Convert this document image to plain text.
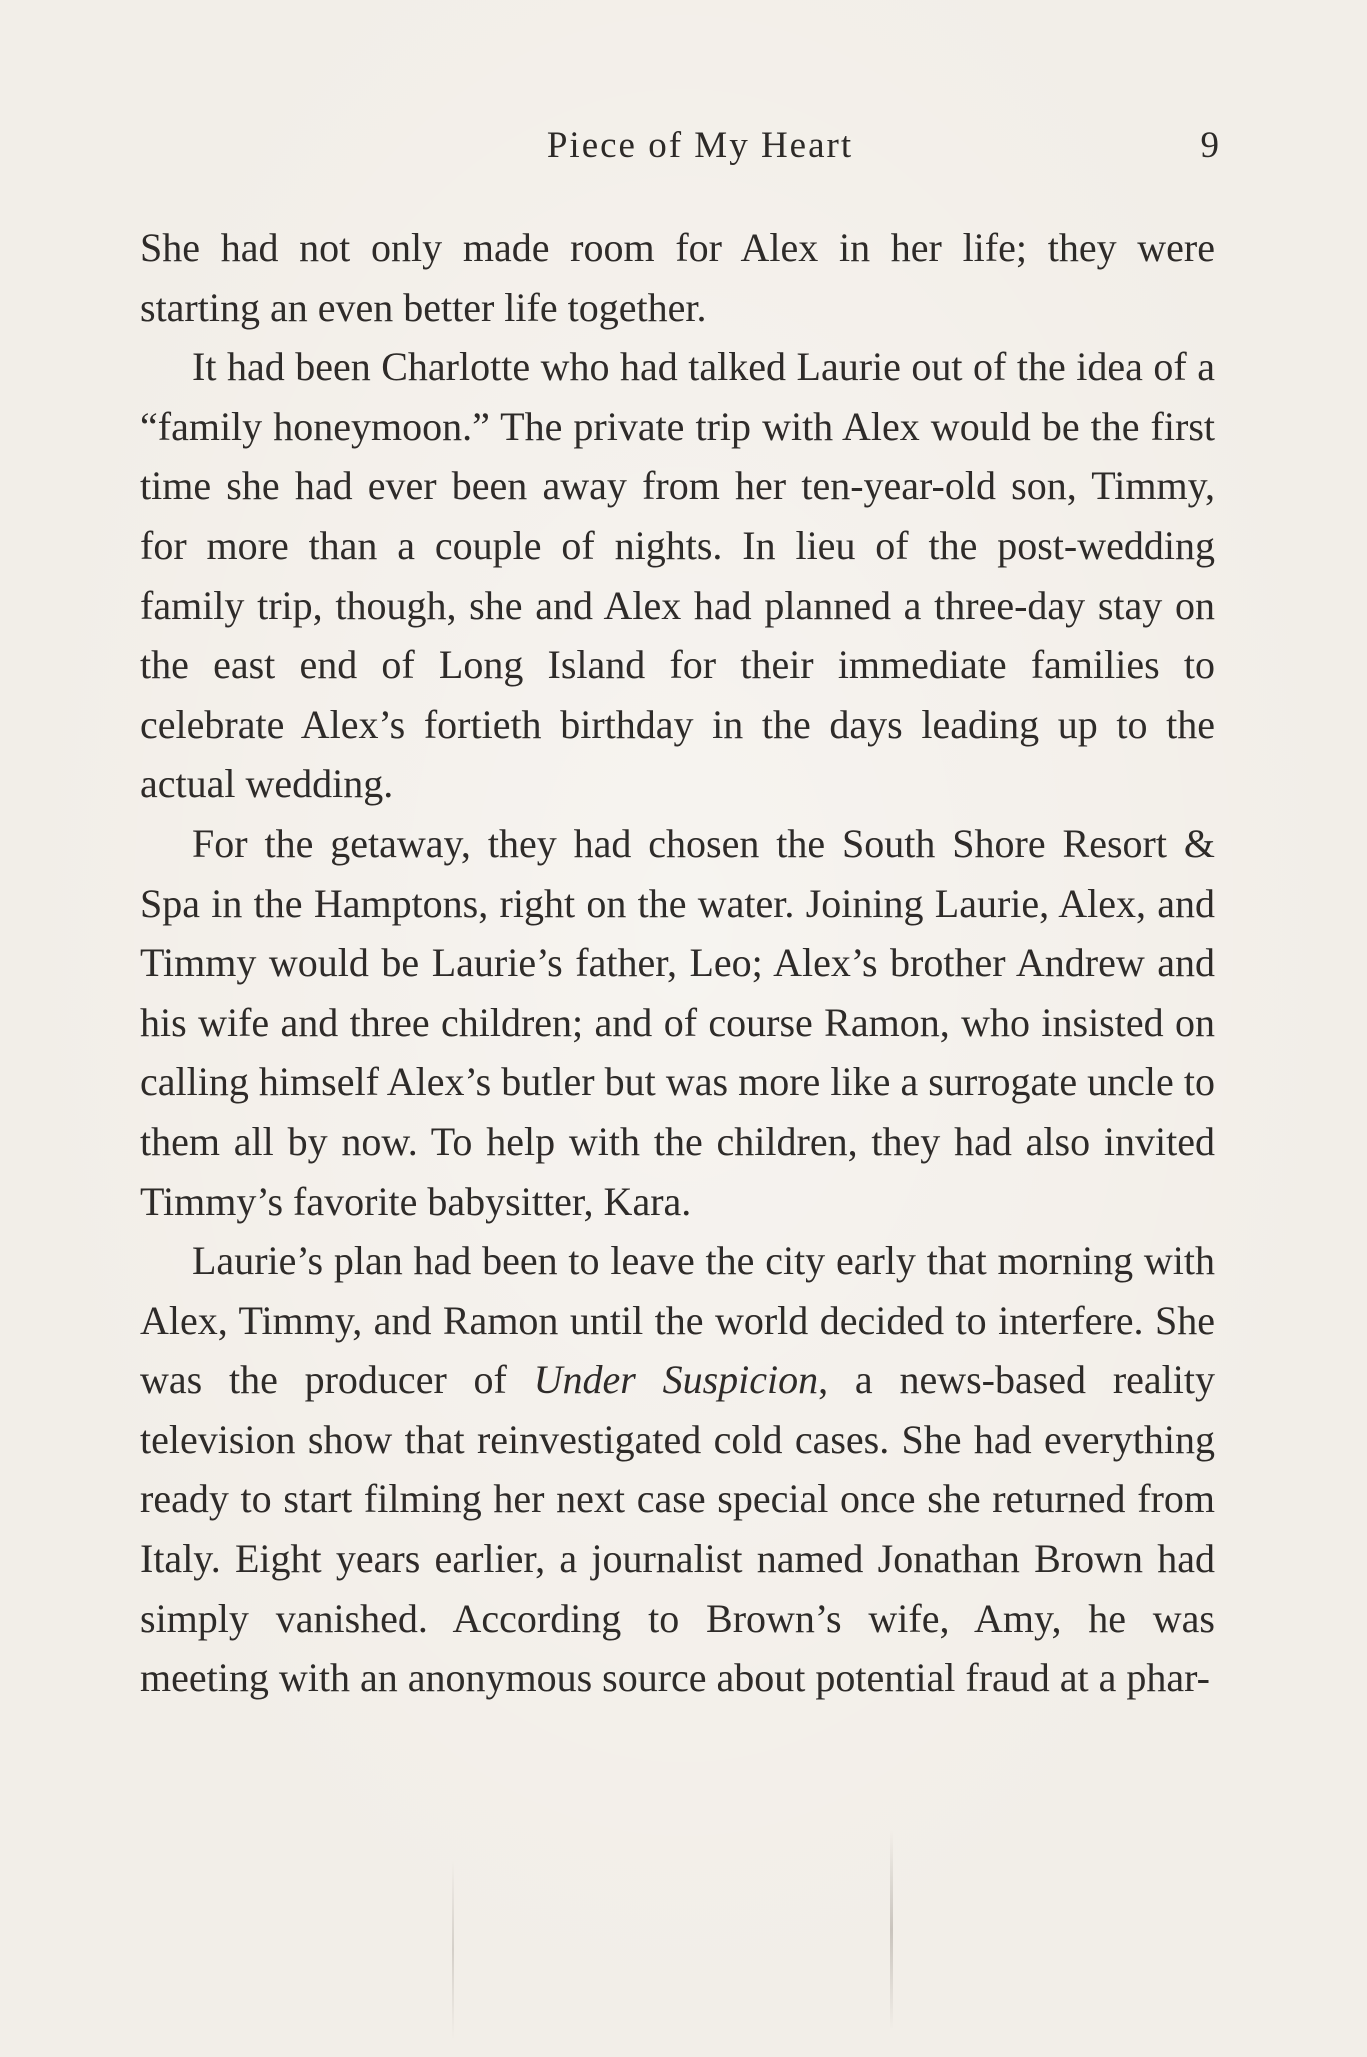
Piece of My Heart	9

She had not only made room for Alex in her life; they were starting an even better life together.

It had been Charlotte who had talked Laurie out of the idea of a “family honeymoon.” The private trip with Alex would be the first time she had ever been away from her ten-year-old son, Timmy, for more than a couple of nights. In lieu of the post-wedding family trip, though, she and Alex had planned a three-day stay on the east end of Long Island for their immediate families to celebrate Alex’s fortieth birthday in the days leading up to the actual wedding.

For the getaway, they had chosen the South Shore Resort & Spa in the Hamptons, right on the water. Joining Laurie, Alex, and Timmy would be Laurie’s father, Leo; Alex’s brother Andrew and his wife and three children; and of course Ramon, who insisted on calling himself Alex’s butler but was more like a surrogate uncle to them all by now. To help with the children, they had also invited Timmy’s favorite babysitter, Kara.

Laurie’s plan had been to leave the city early that morning with Alex, Timmy, and Ramon until the world decided to interfere. She was the producer of Under Suspicion, a news-based reality television show that reinvestigated cold cases. She had everything ready to start filming her next case special once she returned from Italy. Eight years earlier, a journalist named Jonathan Brown had simply vanished. According to Brown’s wife, Amy, he was meeting with an anonymous source about potential fraud at a phar-
